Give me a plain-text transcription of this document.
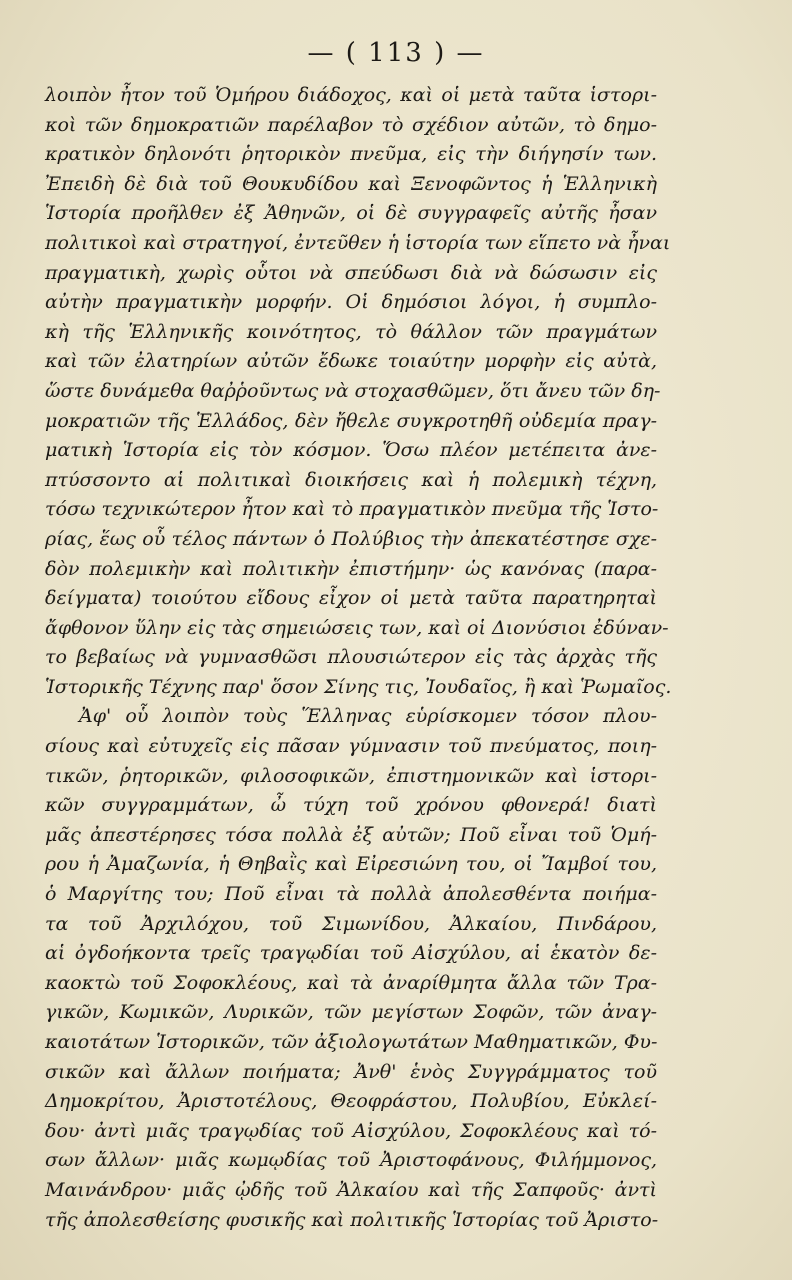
— ( 113 ) —
λοιπὸν ἦτον τοῦ Ὁμήρου διάδοχος, καὶ οἱ μετὰ ταῦτα ἱστορι-
κοὶ τῶν δημοκρατιῶν παρέλαβον τὸ σχέδιον αὐτῶν, τὸ δημο-
κρατικὸν δηλονότι ῥητορικὸν πνεῦμα, εἰς τὴν διήγησίν των.
Ἐπειδὴ δὲ διὰ τοῦ Θουκυδίδου καὶ Ξενοφῶντος ἡ Ἑλληνικὴ
Ἱστορία προῆλθεν ἐξ Ἀθηνῶν, οἱ δὲ συγγραφεῖς αὐτῆς ἦσαν
πολιτικοὶ καὶ στρατηγοί, ἐντεῦθεν ἡ ἱστορία των εἵπετο νὰ ἦναι
πραγματικὴ, χωρὶς οὗτοι νὰ σπεύδωσι διὰ νὰ δώσωσιν εἰς
αὐτὴν πραγματικὴν μορφήν. Οἱ δημόσιοι λόγοι, ἡ συμπλο-
κὴ τῆς Ἑλληνικῆς κοινότητος, τὸ θάλλον τῶν πραγμάτων
καὶ τῶν ἐλατηρίων αὐτῶν ἔδωκε τοιαύτην μορφὴν εἰς αὐτὰ,
ὥστε δυνάμεθα θαῤῥοῦντως νὰ στοχασθῶμεν, ὅτι ἄνευ τῶν δη-
μοκρατιῶν τῆς Ἑλλάδος, δὲν ἤθελε συγκροτηθῆ οὐδεμία πραγ-
ματικὴ Ἱστορία εἰς τὸν κόσμον. Ὅσω πλέον μετέπειτα ἀνε-
πτύσσοντο αἱ πολιτικαὶ διοικήσεις καὶ ἡ πολεμικὴ τέχνη,
τόσω τεχνικώτερον ἦτον καὶ τὸ πραγματικὸν πνεῦμα τῆς Ἱστο-
ρίας, ἕως οὗ τέλος πάντων ὁ Πολύβιος τὴν ἀπεκατέστησε σχε-
δὸν πολεμικὴν καὶ πολιτικὴν ἐπιστήμην· ὡς κανόνας (παρα-
δείγματα) τοιούτου εἴδους εἶχον οἱ μετὰ ταῦτα παρατηρηταὶ
ἄφθονον ὕλην εἰς τὰς σημειώσεις των, καὶ οἱ Διονύσιοι ἐδύναν-
το βεβαίως νὰ γυμνασθῶσι πλουσιώτερον εἰς τὰς ἀρχὰς τῆς
Ἱστορικῆς Τέχνης παρ' ὅσον Σίνης τις, Ἰουδαῖος, ἢ καὶ Ῥωμαῖος.
Ἀφ' οὗ λοιπὸν τοὺς Ἕλληνας εὑρίσκομεν τόσον πλου-
σίους καὶ εὐτυχεῖς εἰς πᾶσαν γύμνασιν τοῦ πνεύματος, ποιη-
τικῶν, ῥητορικῶν, φιλοσοφικῶν, ἐπιστημονικῶν καὶ ἱστορι-
κῶν συγγραμμάτων, ὦ τύχη τοῦ χρόνου φθονερά! διατὶ
μᾶς ἀπεστέρησες τόσα πολλὰ ἐξ αὐτῶν; Ποῦ εἶναι τοῦ Ὁμή-
ρου ἡ Ἀμαζωνία, ἡ Θηβαῒς καὶ Εἰρεσιώνη του, οἱ Ἴαμβοί του,
ὁ Μαργίτης του; Ποῦ εἶναι τὰ πολλὰ ἀπολεσθέντα ποιήμα-
τα τοῦ Ἀρχιλόχου, τοῦ Σιμωνίδου, Ἀλκαίου, Πινδάρου,
αἱ ὀγδοήκοντα τρεῖς τραγῳδίαι τοῦ Αἰσχύλου, αἱ ἑκατὸν δε-
καοκτὼ τοῦ Σοφοκλέους, καὶ τὰ ἀναρίθμητα ἄλλα τῶν Τρα-
γικῶν, Κωμικῶν, Λυρικῶν, τῶν μεγίστων Σοφῶν, τῶν ἀναγ-
καιοτάτων Ἱστορικῶν, τῶν ἀξιολογωτάτων Μαθηματικῶν, Φυ-
σικῶν καὶ ἄλλων ποιήματα; Ἀνθ' ἑνὸς Συγγράμματος τοῦ
Δημοκρίτου, Ἀριστοτέλους, Θεοφράστου, Πολυβίου, Εὐκλεί-
δου· ἀντὶ μιᾶς τραγῳδίας τοῦ Αἰσχύλου, Σοφοκλέους καὶ τό-
σων ἄλλων· μιᾶς κωμῳδίας τοῦ Ἀριστοφάνους, Φιλήμμονος,
Μαινάνδρου· μιᾶς ᾠδῆς τοῦ Ἀλκαίου καὶ τῆς Σαπφοῦς· ἀντὶ
τῆς ἀπολεσθείσης φυσικῆς καὶ πολιτικῆς Ἱστορίας τοῦ Ἀριστο-
